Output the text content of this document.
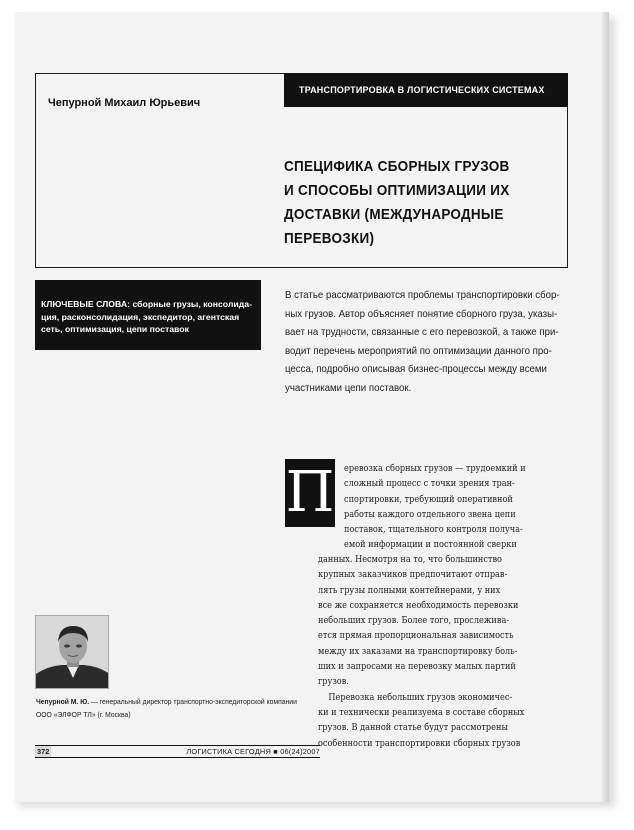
Чепурной Михаил Юрьевич
ТРАНСПОРТИРОВКА В ЛОГИСТИЧЕСКИХ СИСТЕМАХ
СПЕЦИФИКА СБОРНЫХ ГРУЗОВ
И СПОСОБЫ ОПТИМИЗАЦИИ ИХ
ДОСТАВКИ (МЕЖДУНАРОДНЫЕ
ПЕРЕВОЗКИ)
КЛЮЧЕВЫЕ СЛОВА: сборные грузы, консолида-
ция, расконсолидация, экспедитор, агентская
сеть, оптимизация, цепи поставок
В статье рассматриваются проблемы транспортировки сбор-
ных грузов. Автор объясняет понятие сборного груза, указы-
вает на трудности, связанные с его перевозкой, а также при-
водит перечень мероприятий по оптимизации данного про-
цесса, подробно описывая бизнес-процессы между всеми
участниками цепи поставок.
П еревозка сборных грузов — трудоемкий и
сложный процесс с точки зрения тран-
спортировки, требующий оперативной
работы каждого отдельного звена цепи
поставок, тщательного контроля получа-
емой информации и постоянной сверки
данных. Несмотря на то, что большинство
крупных заказчиков предпочитают отправ-
лять грузы полными контейнерами, у них
все же сохраняется необходимость перевозки
небольших грузов. Более того, прослежива-
ется прямая пропорциональная зависимость
между их заказами на транспортировку боль-
ших и запросами на перевозку малых партий
грузов.
Перевозка небольших грузов экономичес-
ки и технически реализуема в составе сборных
грузов. В данной статье будут рассмотрены
особенности транспортировки сборных грузов
Чепурной М. Ю. — генеральный директор транспортно-экспедиторской компании
ООО «ЭЛФОР ТЛ» (г. Москва)
372	ЛОГИСТИКА СЕГОДНЯ ■ 06(24)2007
